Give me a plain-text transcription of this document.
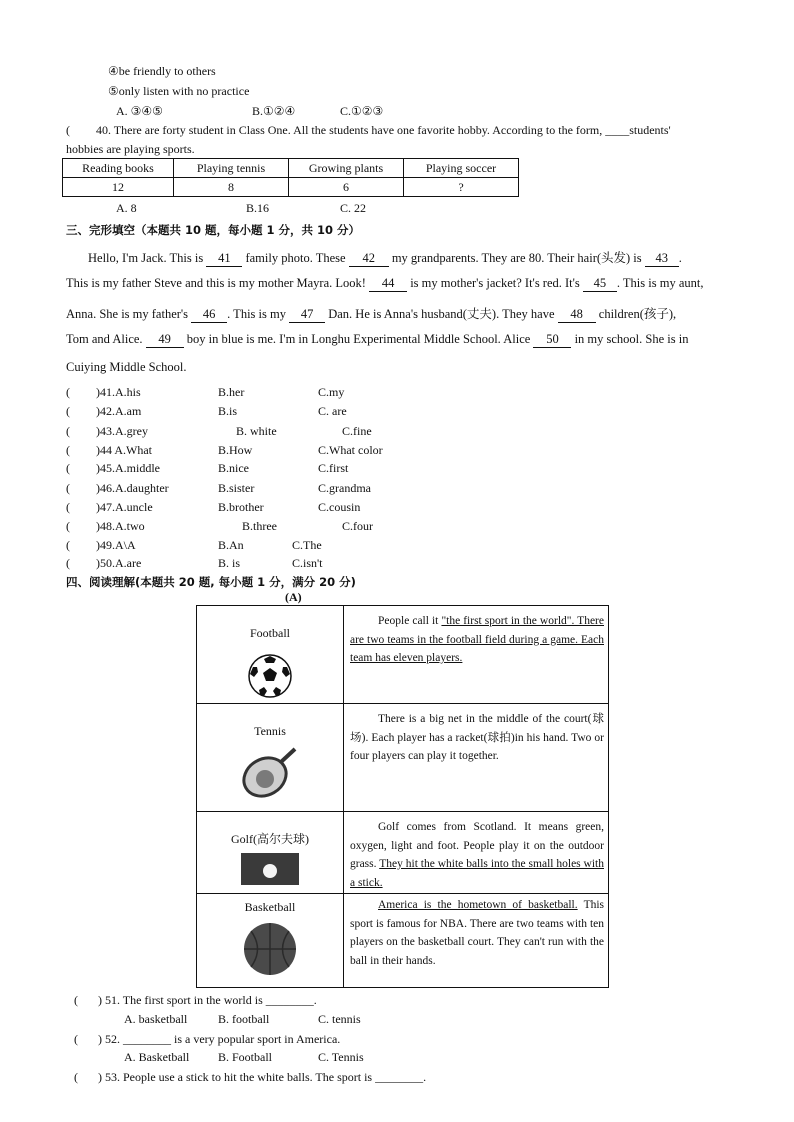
④be friendly to others
⑤only listen with no practice
A. ③④⑤	B.①②④	C.①②③
( 40. There are forty student in Class One. All the students have one favorite hobby. According to the form, ____students'
hobbies are playing sports.
Reading books	Playing tennis	Growing plants	Playing soccer
12	8	6	?
A. 8	B.16	C. 22
三、完形填空（本题共 10 题，每小题 1 分，共 10 分）
Hello, I'm Jack. This is 41 family photo. These 42 my grandparents. They are 80. Their hair(头发) is 43 .
This is my father Steve and this is my mother Mayra. Look! 44 is my mother's jacket? It's red. It's 45 . This is my aunt,
Anna. She is my father's 46 . This is my 47 Dan. He is Anna's husband(丈夫). They have 48 children(孩子),
Tom and Alice. 49 boy in blue is me. I'm in Longhu Experimental Middle School. Alice 50 in my school. She is in
Cuiying Middle School.
( )41.A.his	B.her	C.my
( )42.A.am	B.is	C. are
( )43.A.grey	B. white	C.fine
( )44 A.What	B.How	C.What color
( )45.A.middle	B.nice	C.first
( )46.A.daughter	B.sister	C.grandma
( )47.A.uncle	B.brother	C.cousin
( )48.A.two	B.three	C.four
( )49.A\A	B.An	C.The
( )50.A.are	B. is	C.isn't
四、阅读理解(本题共 20 题, 每小题 1 分，满分 20 分)
(A)
Football	People call it "the first sport in the world". There are two teams in the football field during a game. Each team has eleven players.

Tennis	There is a big net in the middle of the court(球场). Each player has a racket(球拍)in his hand. Two or four players can play it together.

Golf(高尔夫球)	Golf comes from Scotland. It means green, oxygen, light and foot. People play it on the outdoor grass. They hit the white balls into the small holes with a stick.

Basketball	America is the hometown of basketball. This sport is famous for NBA. There are two teams with ten players on the basketball court. They can't run with the ball in their hands.
( ) 51. The first sport in the world is ________.
A. basketball	B. football	C. tennis
( ) 52. ________ is a very popular sport in America.
A. Basketball B. Football	C. Tennis
( ) 53. People use a stick to hit the white balls. The sport is ________.
